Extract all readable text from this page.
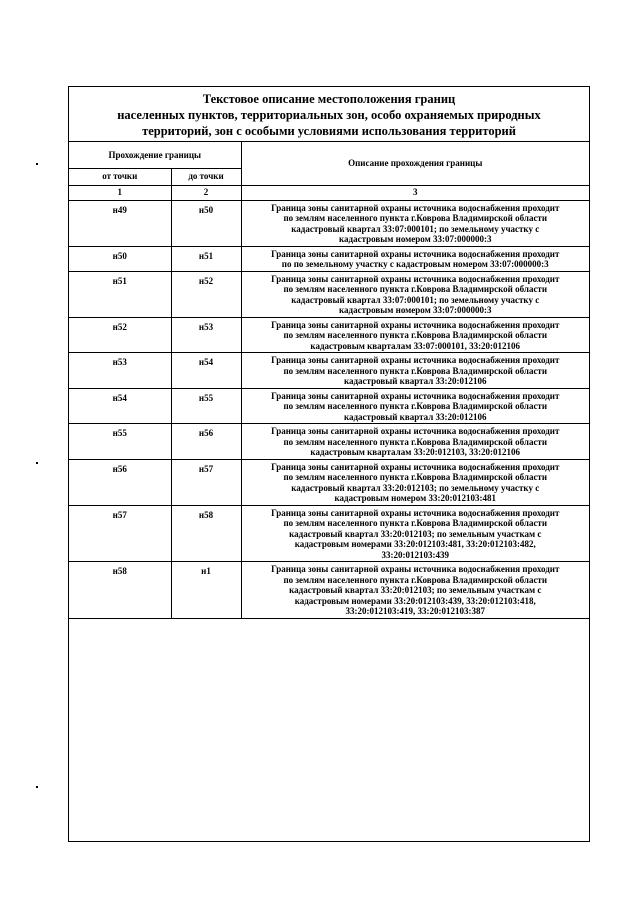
Текстовое описание местоположения границ
населенных пунктов, территориальных зон, особо охраняемых природных
территорий, зон с особыми условиями использования территорий
Прохождение границы		Описание прохождения границы
от точки	до точки	
1	2	3
н49	н50	Граница зоны санитарной охраны источника водоснабжения проходит
по землям населенного пункта г.Коврова Владимирской области
кадастровый квартал 33:07:000101; по земельному участку с
кадастровым номером 33:07:000000:3

н50	н51	Граница зоны санитарной охраны источника водоснабжения проходит
по по земельному участку с кадастровым номером 33:07:000000:3

н51	н52	Граница зоны санитарной охраны источника водоснабжения проходит
по землям населенного пункта г.Коврова Владимирской области
кадастровый квартал 33:07:000101; по земельному участку с
кадастровым номером 33:07:000000:3

н52	н53	Граница зоны санитарной охраны источника водоснабжения проходит
по землям населенного пункта г.Коврова Владимирской области
кадастровым кварталам 33:07:000101, 33:20:012106

н53	н54	Граница зоны санитарной охраны источника водоснабжения проходит
по землям населенного пункта г.Коврова Владимирской области
кадастровый квартал 33:20:012106

н54	н55	Граница зоны санитарной охраны источника водоснабжения проходит
по землям населенного пункта г.Коврова Владимирской области
кадастровый квартал 33:20:012106

н55	н56	Граница зоны санитарной охраны источника водоснабжения проходит
по землям населенного пункта г.Коврова Владимирской области
кадастровым кварталам 33:20:012103, 33:20:012106

н56	н57	Граница зоны санитарной охраны источника водоснабжения проходит
по землям населенного пункта г.Коврова Владимирской области
кадастровый квартал 33:20:012103; по земельному участку с
кадастровым номером 33:20:012103:481

н57	н58	Граница зоны санитарной охраны источника водоснабжения проходит
по землям населенного пункта г.Коврова Владимирской области
кадастровый квартал 33:20:012103; по земельным участкам с
кадастровым номерами 33:20:012103:481, 33:20:012103:482,
33:20:012103:439

н58	н1	Граница зоны санитарной охраны источника водоснабжения проходит
по землям населенного пункта г.Коврова Владимирской области
кадастровый квартал 33:20:012103; по земельным участкам с
кадастровым номерами 33:20:012103:439, 33:20:012103:418,
33:20:012103:419, 33:20:012103:387
